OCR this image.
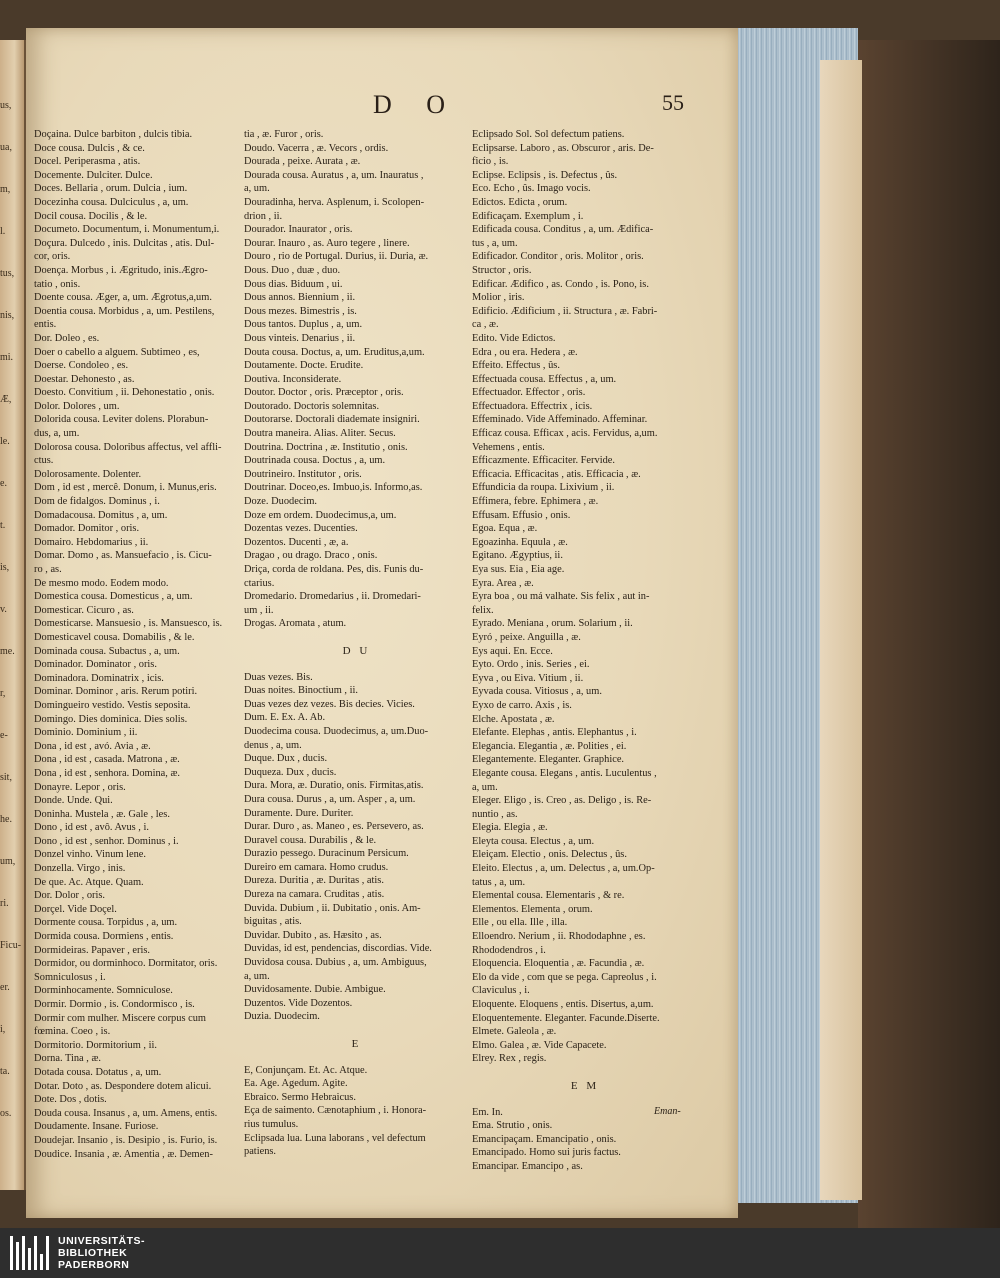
us,
ua,
m,
l.
tus,
nis,
mi.
Æ,
le.
e.
t.
is,
v.
me.
r,
e-
sit,
he.
um,
ri.
Ficu-
er.
i,
ta.
os.
D O	55
Doçaina. Dulce barbiton , dulcis tibia.
Doce cousa. Dulcis , & ce.
Docel. Periperasma , atis.
Docemente. Dulciter. Dulce.
Doces. Bellaria , orum. Dulcia , ium.
Docezinha cousa. Dulciculus , a, um.
Docil cousa. Docilis , & le.
Documeto. Documentum, i. Monumentum,i.
Doçura. Dulcedo , inis. Dulcitas , atis. Dul-
cor, oris.
Doença. Morbus , i. Ægritudo, inis.Ægro-
tatio , onis.
Doente cousa. Æger, a, um. Ægrotus,a,um.
Doentia cousa. Morbidus , a, um. Pestilens,
entis.
Dor. Doleo , es.
Doer o cabello a alguem. Subtimeo , es,
Doerse. Condoleo , es.
Doestar. Dehonesto , as.
Doesto. Convitium , ii. Dehonestatio , onis.
Dolor. Dolores , um.
Dolorida cousa. Leviter dolens. Plorabun-
dus, a, um.
Dolorosa cousa. Doloribus affectus, vel affli-
ctus.
Dolorosamente. Dolenter.
Dom , id est , mercê. Donum, i. Munus,eris.
Dom de fidalgos. Dominus , i.
Domadacousa. Domitus , a, um.
Domador. Domitor , oris.
Domairo. Hebdomarius , ii.
Domar. Domo , as. Mansuefacio , is. Cicu-
ro , as.
De mesmo modo. Eodem modo.
Domestica cousa. Domesticus , a, um.
Domesticar. Cicuro , as.
Domesticarse. Mansuesio , is. Mansuesco, is.
Domesticavel cousa. Domabilis , & le.
Dominada cousa. Subactus , a, um.
Dominador. Dominator , oris.
Dominadora. Dominatrix , icis.
Dominar. Dominor , aris. Rerum potiri.
Domingueiro vestido. Vestis seposita.
Domingo. Dies dominica. Dies solis.
Dominio. Dominium , ii.
Dona , id est , avó. Avia , æ.
Dona , id est , casada. Matrona , æ.
Dona , id est , senhora. Domina, æ.
Donayre. Lepor , oris.
Donde. Unde. Qui.
Doninha. Mustela , æ. Gale , les.
Dono , id est , avô. Avus , i.
Dono , id est , senhor. Dominus , i.
Donzel vinho. Vinum lene.
Donzella. Virgo , inis.
De que. Ac. Atque. Quam.
Dor. Dolor , oris.
Dorçel. Vide Doçel.
Dormente cousa. Torpidus , a, um.
Dormida cousa. Dormiens , entis.
Dormideiras. Papaver , eris.
Dormidor, ou dorminhoco. Dormitator, oris.
Somniculosus , i.
Dorminhocamente. Somniculose.
Dormir. Dormio , is. Condormisco , is.
Dormir com mulher. Miscere corpus cum
fœmina. Coeo , is.
Dormitorio. Dormitorium , ii.
Dorna. Tina , æ.
Dotada cousa. Dotatus , a, um.
Dotar. Doto , as. Despondere dotem alicui.
Dote. Dos , dotis.
Douda cousa. Insanus , a, um. Amens, entis.
Doudamente. Insane. Furiose.
Doudejar. Insanio , is. Desipio , is. Furio, is.
Doudice. Insania , æ. Amentia , æ. Demen-
tia , æ. Furor , oris.
Doudo. Vacerra , æ. Vecors , ordis.
Dourada , peixe. Aurata , æ.
Dourada cousa. Auratus , a, um. Inauratus ,
a, um.
Douradinha, herva. Asplenum, i. Scolopen-
drion , ii.
Dourador. Inaurator , oris.
Dourar. Inauro , as. Auro tegere , linere.
Douro , rio de Portugal. Durius, ii. Duria, æ.
Dous. Duo , duæ , duo.
Dous dias. Biduum , ui.
Dous annos. Biennium , ii.
Dous mezes. Bimestris , is.
Dous tantos. Duplus , a, um.
Dous vinteis. Denarius , ii.
Douta cousa. Doctus, a, um. Eruditus,a,um.
Doutamente. Docte. Erudite.
Doutiva. Inconsiderate.
Doutor. Doctor , oris. Præceptor , oris.
Doutorado. Doctoris solemnitas.
Doutorarse. Doctorali diademate insigniri.
Doutra maneira. Alias. Aliter. Secus.
Doutrina. Doctrina , æ. Institutio , onis.
Doutrinada cousa. Doctus , a, um.
Doutrineiro. Institutor , oris.
Doutrinar. Doceo,es. Imbuo,is. Informo,as.
Doze. Duodecim.
Doze em ordem. Duodecimus,a, um.
Dozentas vezes. Ducenties.
Dozentos. Ducenti , æ, a.
Dragao , ou drago. Draco , onis.
Driça, corda de roldana. Pes, dis. Funis du-
ctarius.
Dromedario. Dromedarius , ii. Dromedari-
um , ii.
Drogas. Aromata , atum.
D U
Duas vezes. Bis.
Duas noites. Binoctium , ii.
Duas vezes dez vezes. Bis decies. Vicies.
Dum. E. Ex. A. Ab.
Duodecima cousa. Duodecimus, a, um.Duo-
denus , a, um.
Duque. Dux , ducis.
Duqueza. Dux , ducis.
Dura. Mora, æ. Duratio, onis. Firmitas,atis.
Dura cousa. Durus , a, um. Asper , a, um.
Duramente. Dure. Duriter.
Durar. Duro , as. Maneo , es. Persevero, as.
Duravel cousa. Durabilis , & le.
Durazio pessego. Duracinum Persicum.
Dureiro em camara. Homo crudus.
Dureza. Duritia , æ. Duritas , atis.
Dureza na camara. Cruditas , atis.
Duvida. Dubium , ii. Dubitatio , onis. Am-
biguitas , atis.
Duvidar. Dubito , as. Hæsito , as.
Duvidas, id est, pendencias, discordias. Vide.
Duvidosa cousa. Dubius , a, um. Ambiguus,
a, um.
Duvidosamente. Dubie. Ambigue.
Duzentos. Vide Dozentos.
Duzia. Duodecim.
E
E, Conjunçam. Et. Ac. Atque.
Ea. Age. Agedum. Agite.
Ebraico. Sermo Hebraicus.
Eça de saimento. Cænotaphium , i. Honora-
rius tumulus.
Eclipsada lua. Luna laborans , vel defectum
patiens.
Eclipsado Sol. Sol defectum patiens.
Eclipsarse. Laboro , as. Obscuror , aris. De-
ficio , is.
Eclipse. Eclipsis , is. Defectus , ûs.
Eco. Echo , ûs. Imago vocis.
Edictos. Edicta , orum.
Edificaçam. Exemplum , i.
Edificada cousa. Conditus , a, um. Ædifica-
tus , a, um.
Edificador. Conditor , oris. Molitor , oris.
Structor , oris.
Edificar. Ædifico , as. Condo , is. Pono, is.
Molior , iris.
Edificio. Ædificium , ii. Structura , æ. Fabri-
ca , æ.
Edito. Vide Edictos.
Edra , ou era. Hedera , æ.
Effeito. Effectus , ûs.
Effectuada cousa. Effectus , a, um.
Effectuador. Effector , oris.
Effectuadora. Effectrix , icis.
Effeminado. Vide Affeminado. Affeminar.
Efficaz cousa. Efficax , acis. Fervidus, a,um.
Vehemens , entis.
Efficazmente. Efficaciter. Fervide.
Efficacia. Efficacitas , atis. Efficacia , æ.
Effundicia da roupa. Lixivium , ii.
Effimera, febre. Ephimera , æ.
Effusam. Effusio , onis.
Egoa. Equa , æ.
Egoazinha. Equula , æ.
Egitano. Ægyptius, ii.
Eya sus. Eia , Eia age.
Eyra. Area , æ.
Eyra boa , ou má valhate. Sis felix , aut in-
felix.
Eyrado. Meniana , orum. Solarium , ii.
Eyró , peixe. Anguilla , æ.
Eys aqui. En. Ecce.
Eyto. Ordo , inis. Series , ei.
Eyva , ou Eiva. Vitium , ii.
Eyvada cousa. Vitiosus , a, um.
Eyxo de carro. Axis , is.
Elche. Apostata , æ.
Elefante. Elephas , antis. Elephantus , i.
Elegancia. Elegantia , æ. Polities , ei.
Elegantemente. Eleganter. Graphice.
Elegante cousa. Elegans , antis. Luculentus ,
a, um.
Eleger. Eligo , is. Creo , as. Deligo , is. Re-
nuntio , as.
Elegia. Elegia , æ.
Eleyta cousa. Electus , a, um.
Eleiçam. Electio , onis. Delectus , ûs.
Eleito. Electus , a, um. Delectus , a, um.Op-
tatus , a, um.
Elemental cousa. Elementaris , & re.
Elementos. Elementa , orum.
Elle , ou ella. Ille , illa.
Elloendro. Nerium , ii. Rhododaphne , es.
Rhododendros , i.
Eloquencia. Eloquentia , æ. Facundia , æ.
Elo da vide , com que se pega. Capreolus , i.
Claviculus , i.
Eloquente. Eloquens , entis. Disertus, a,um.
Eloquentemente. Eleganter. Facunde.Diserte.
Elmete. Galeola , æ.
Elmo. Galea , æ. Vide Capacete.
Elrey. Rex , regis.
E M
Em. In.
Ema. Strutio , onis.
Emancipaçam. Emancipatio , onis.
Emancipado. Homo sui juris factus.
Emancipar. Emancipo , as.
Eman-
UNIVERSITÄTS-
BIBLIOTHEK
PADERBORN
